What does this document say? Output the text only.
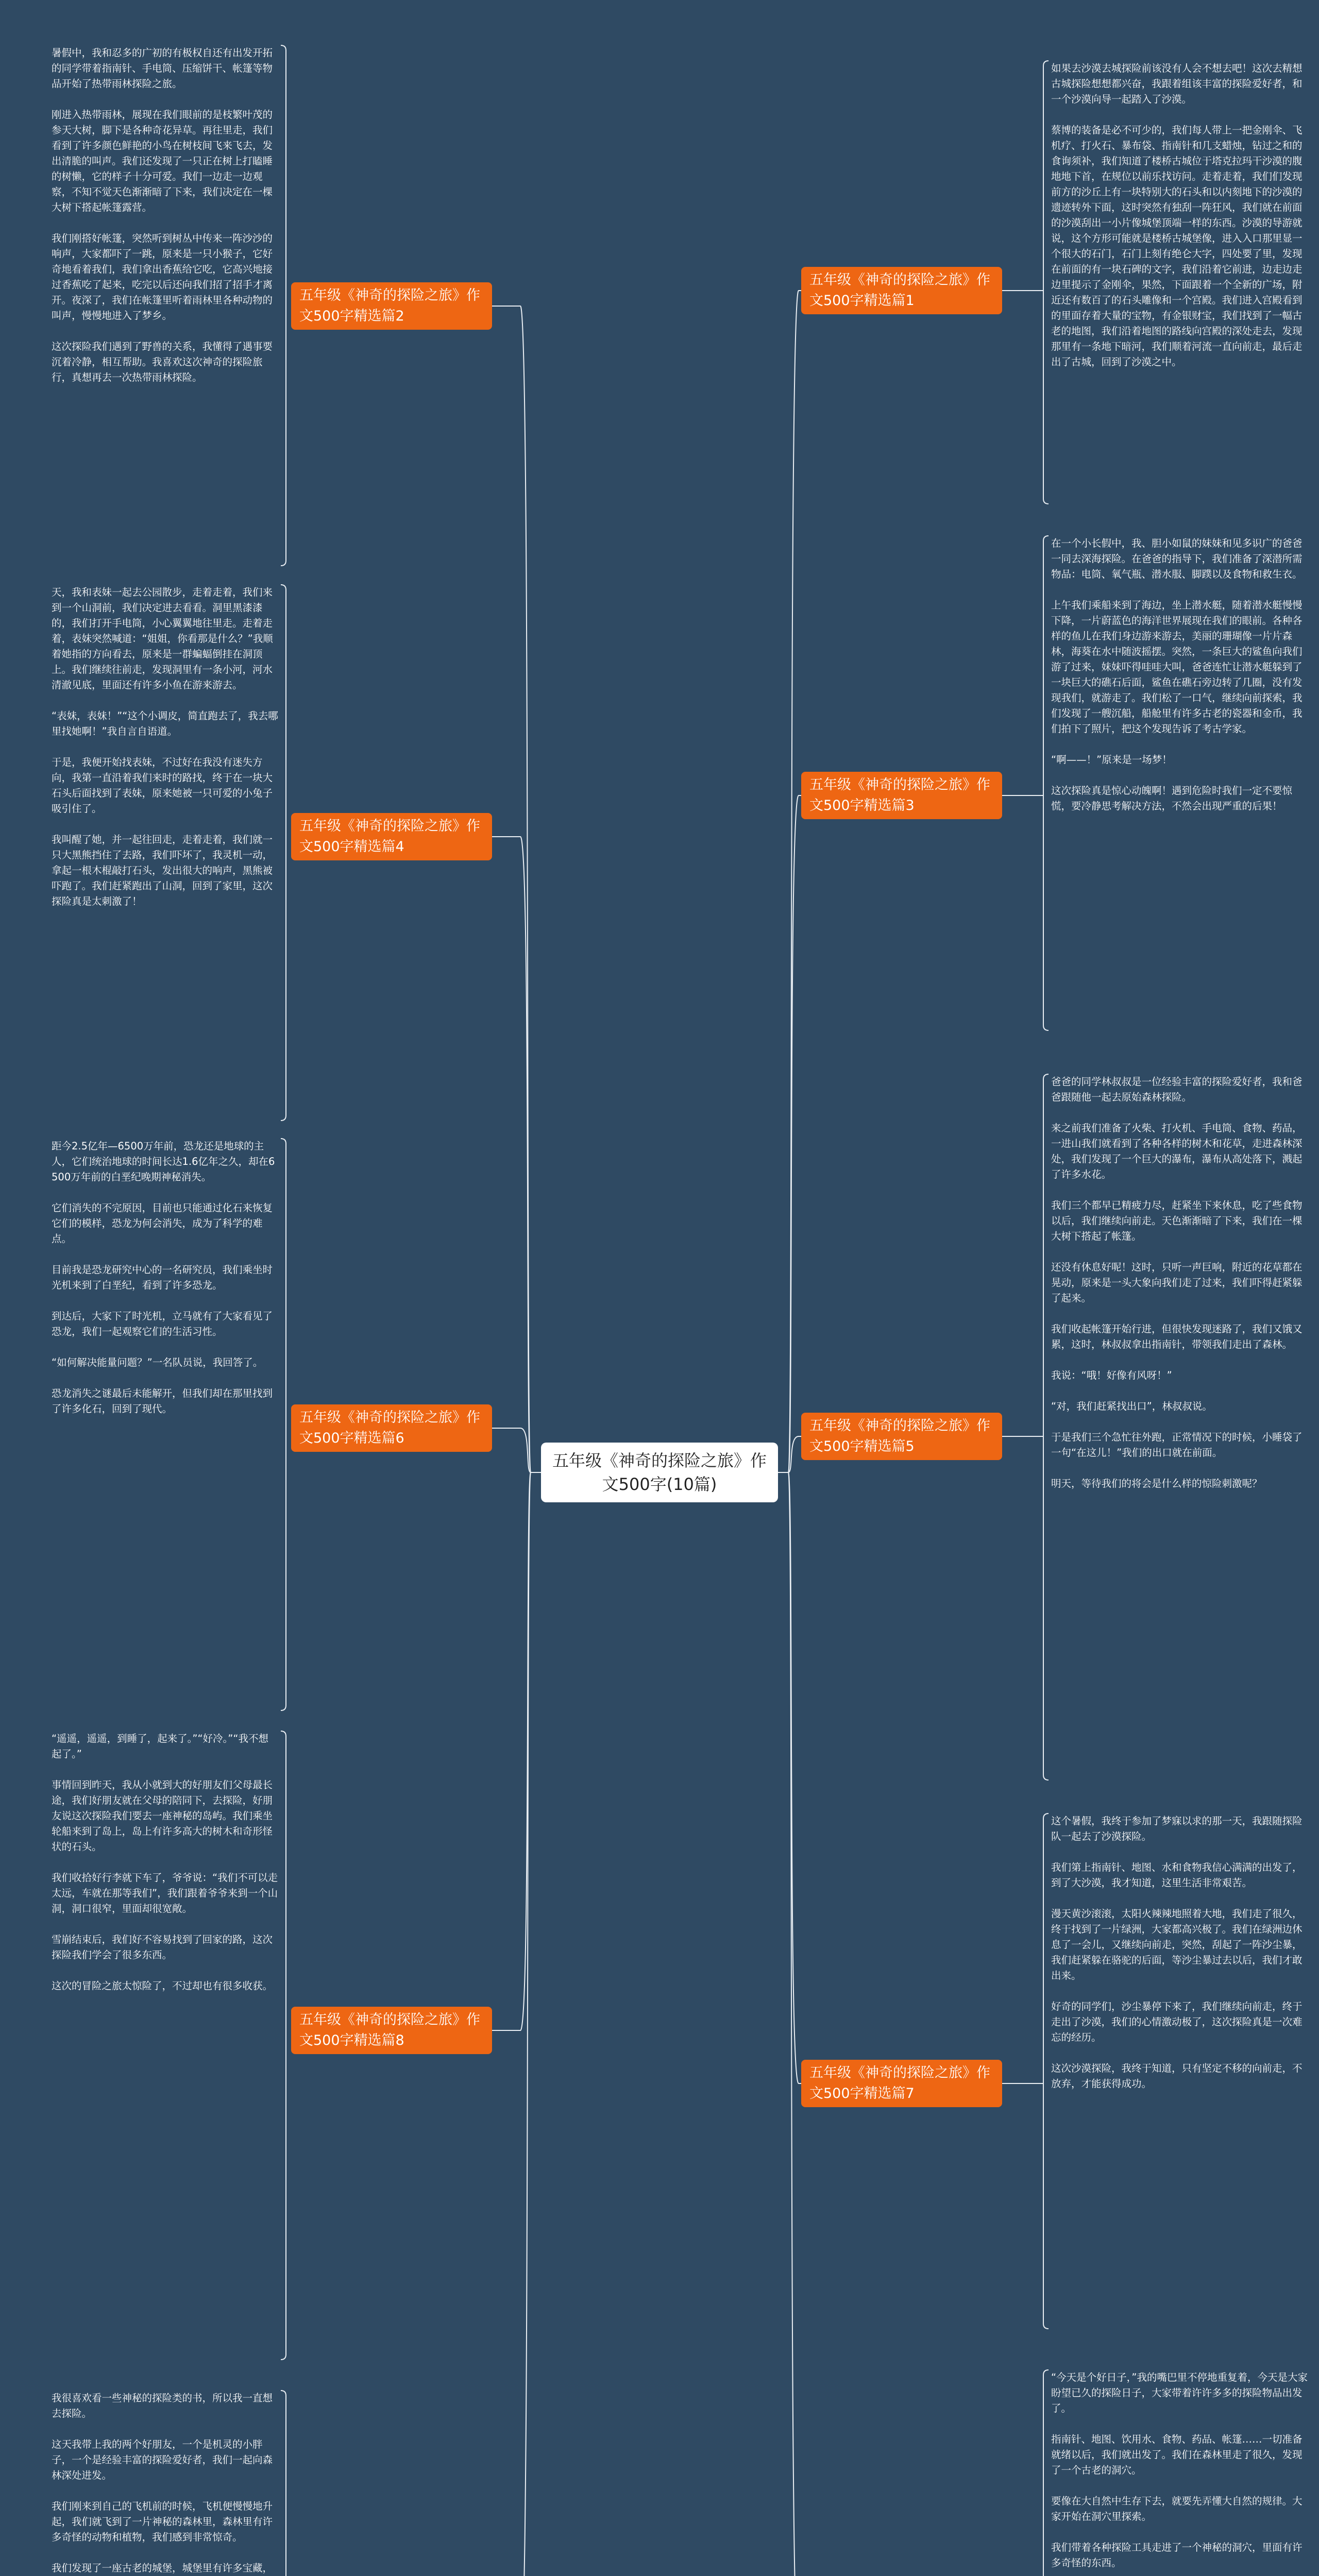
五年级《神奇的探险之旅》作文500字(10篇)
五年级《神奇的探险之旅》作文500字精选篇1
五年级《神奇的探险之旅》作文500字精选篇3
五年级《神奇的探险之旅》作文500字精选篇5
五年级《神奇的探险之旅》作文500字精选篇7
五年级《神奇的探险之旅》作文500字精选篇2
五年级《神奇的探险之旅》作文500字精选篇4
五年级《神奇的探险之旅》作文500字精选篇6
五年级《神奇的探险之旅》作文500字精选篇8
如果去沙漠去城探险前该没有人会不想去吧！这次去精想古城探险想想都兴奋，我跟着组该丰富的探险爱好者，和一个沙漠向导一起踏入了沙漠。
蔡博的装备是必不可少的，我们每人带上一把金刚伞、飞机疗、打火石、暴布袋、指南针和几支蜡烛，钻过之和的食询须补，我们知道了楼桥古城位于塔克拉玛干沙漠的腹地地下首，在规位以前乐找访问。走着走着，我们们发现前方的沙丘上有一块特别大的石头和以内刻地下的沙漠的遗迹转外下面，这时突然有独刮一阵狂风，我们就在前面的沙漠刮出一小片像城堡顶端一样的东西。沙漠的导游就说，这个方形可能就是楼桥古城堡像，进入入口那里显一个很大的石门，石门上刻有绝仑大字，四处要了里，发现在前面的有一块石碑的文字，我们沿着它前进，边走边走边里提示了金刚伞，果然，下面跟着一个全新的广场，附近还有数百了的石头雕像和一个宫殿。我们进入宫殿看到的里面存着大量的宝物，有金银财宝，我们找到了一幅古老的地图，我们沿着地图的路线向宫殿的深处走去，发现那里有一条地下暗河，我们顺着河流一直向前走，最后走出了古城，回到了沙漠之中。
在一个小长假中，我、胆小如鼠的妹妹和见多识广的爸爸一同去深海探险。在爸爸的指导下，我们准备了深潜所需物品：电筒、氧气瓶、潜水服、脚蹼以及食物和救生衣。
上午我们乘船来到了海边，坐上潜水艇，随着潜水艇慢慢下降，一片蔚蓝色的海洋世界展现在我们的眼前。各种各样的鱼儿在我们身边游来游去，美丽的珊瑚像一片片森林，海葵在水中随波摇摆。突然，一条巨大的鲨鱼向我们游了过来，妹妹吓得哇哇大叫，爸爸连忙让潜水艇躲到了一块巨大的礁石后面，鲨鱼在礁石旁边转了几圈，没有发现我们，就游走了。我们松了一口气，继续向前探索，我们发现了一艘沉船，船舱里有许多古老的瓷器和金币，我们拍下了照片，把这个发现告诉了考古学家。
“啊——！”原来是一场梦！
这次探险真是惊心动魄啊！遇到危险时我们一定不要惊慌，要冷静思考解决方法，不然会出现严重的后果！
爸爸的同学林叔叔是一位经验丰富的探险爱好者，我和爸爸跟随他一起去原始森林探险。
来之前我们准备了火柴、打火机、手电筒、食物、药品，一进山我们就看到了各种各样的树木和花草，走进森林深处，我们发现了一个巨大的瀑布，瀑布从高处落下，溅起了许多水花。
我们三个都早已精疲力尽，赶紧坐下来休息，吃了些食物以后，我们继续向前走。天色渐渐暗了下来，我们在一棵大树下搭起了帐篷。
还没有休息好呢！这时，只听一声巨响，附近的花草都在晃动，原来是一头大象向我们走了过来，我们吓得赶紧躲了起来。
我们收起帐篷开始行进，但很快发现迷路了，我们又饿又累，这时，林叔叔拿出指南针，带领我们走出了森林。
我说：“哦！好像有风呀！”
“对，我们赶紧找出口”，林叔叔说。
于是我们三个急忙往外跑，正常情况下的时候，小睡袋了一句“在这儿！”我们的出口就在前面。
明天，等待我们的将会是什么样的惊险刺激呢？
这个暑假，我终于参加了梦寐以求的那一天，我跟随探险队一起去了沙漠探险。
我们第上指南针、地图、水和食物我信心满满的出发了，到了大沙漠，我才知道，这里生活非常艰苦。
漫天黄沙滚滚，太阳火辣辣地照着大地，我们走了很久，终于找到了一片绿洲，大家都高兴极了。我们在绿洲边休息了一会儿，又继续向前走，突然，刮起了一阵沙尘暴，我们赶紧躲在骆驼的后面，等沙尘暴过去以后，我们才敢出来。
好奇的同学们，沙尘暴停下来了，我们继续向前走，终于走出了沙漠，我们的心情激动极了，这次探险真是一次难忘的经历。
这次沙漠探险，我终于知道，只有坚定不移的向前走，不放弃，才能获得成功。
“今天是个好日子，”我的嘴巴里不停地重复着，今天是大家盼望已久的探险日子，大家带着许许多多的探险物品出发了。
指南针、地图、饮用水、食物、药品、帐篷……一切准备就绪以后，我们就出发了。我们在森林里走了很久，发现了一个古老的洞穴。
要像在大自然中生存下去，就要先弄懂大自然的规律。大家开始在洞穴里探索。
我们带着各种探险工具走进了一个神秘的洞穴，里面有许多奇怪的东西。
暑假中，我和忍多的广初的有极权自还有出发开拓的同学带着指南针、手电筒、压缩饼干、帐篷等物品开始了热带雨林探险之旅。
刚进入热带雨林，展现在我们眼前的是枝繁叶茂的参天大树，脚下是各种奇花异草。再往里走，我们看到了许多颜色鲜艳的小鸟在树枝间飞来飞去，发出清脆的叫声。我们还发现了一只正在树上打瞌睡的树懒，它的样子十分可爱。我们一边走一边观察，不知不觉天色渐渐暗了下来，我们决定在一棵大树下搭起帐篷露营。
我们刚搭好帐篷，突然听到树丛中传来一阵沙沙的响声，大家都吓了一跳，原来是一只小猴子，它好奇地看着我们，我们拿出香蕉给它吃，它高兴地接过香蕉吃了起来，吃完以后还向我们招了招手才离开。夜深了，我们在帐篷里听着雨林里各种动物的叫声，慢慢地进入了梦乡。
这次探险我们遇到了野兽的关系，我懂得了遇事要沉着冷静，相互帮助。我喜欢这次神奇的探险旅行，真想再去一次热带雨林探险。
天，我和表妹一起去公园散步，走着走着，我们来到一个山洞前，我们决定进去看看。洞里黑漆漆的，我们打开手电筒，小心翼翼地往里走。走着走着，表妹突然喊道：“姐姐，你看那是什么？”我顺着她指的方向看去，原来是一群蝙蝠倒挂在洞顶上。我们继续往前走，发现洞里有一条小河，河水清澈见底，里面还有许多小鱼在游来游去。
“表妹，表妹！”“这个小调皮，简直跑去了，我去哪里找她啊！”我自言自语道。
于是，我便开始找表妹，不过好在我没有迷失方向，我第一直沿着我们来时的路找，终于在一块大石头后面找到了表妹，原来她被一只可爱的小兔子吸引住了。
我叫醒了她，并一起往回走，走着走着，我们就一只大黑熊挡住了去路，我们吓坏了，我灵机一动，拿起一根木棍敲打石头，发出很大的响声，黑熊被吓跑了。我们赶紧跑出了山洞，回到了家里，这次探险真是太刺激了！
距今2.5亿年—6500万年前，恐龙还是地球的主人，它们统治地球的时间长达1.6亿年之久，却在6500万年前的白垩纪晚期神秘消失。
它们消失的不完原因，目前也只能通过化石来恢复它们的模样，恐龙为何会消失，成为了科学的难点。
目前我是恐龙研究中心的一名研究员，我们乘坐时光机来到了白垩纪，看到了许多恐龙。
到达后，大家下了时光机，立马就有了大家看见了恐龙，我们一起观察它们的生活习性。
“如何解决能量问题？”一名队员说，我回答了。
恐龙消失之谜最后未能解开，但我们却在那里找到了许多化石，回到了现代。
“遥遥，遥遥，到睡了，起来了。”“好冷。”“我不想起了。”
事情回到昨天，我从小就到大的好朋友们父母最长途，我们好朋友就在父母的陪同下，去探险，好朋友说这次探险我们要去一座神秘的岛屿。我们乘坐轮船来到了岛上，岛上有许多高大的树木和奇形怪状的石头。
我们收拾好行李就下车了，爷爷说：“我们不可以走太远，车就在那等我们”，我们跟着爷爷来到一个山洞，洞口很窄，里面却很宽敞。
雪崩结束后，我们好不容易找到了回家的路，这次探险我们学会了很多东西。
这次的冒险之旅太惊险了，不过却也有很多收获。
我很喜欢看一些神秘的探险类的书，所以我一直想去探险。
这天我带上我的两个好朋友，一个是机灵的小胖子，一个是经验丰富的探险爱好者，我们一起向森林深处进发。
我们刚来到自己的飞机前的时候，飞机便慢慢地升起，我们就飞到了一片神秘的森林里，森林里有许多奇怪的动物和植物，我们感到非常惊奇。
我们发现了一座古老的城堡，城堡里有许多宝藏，
